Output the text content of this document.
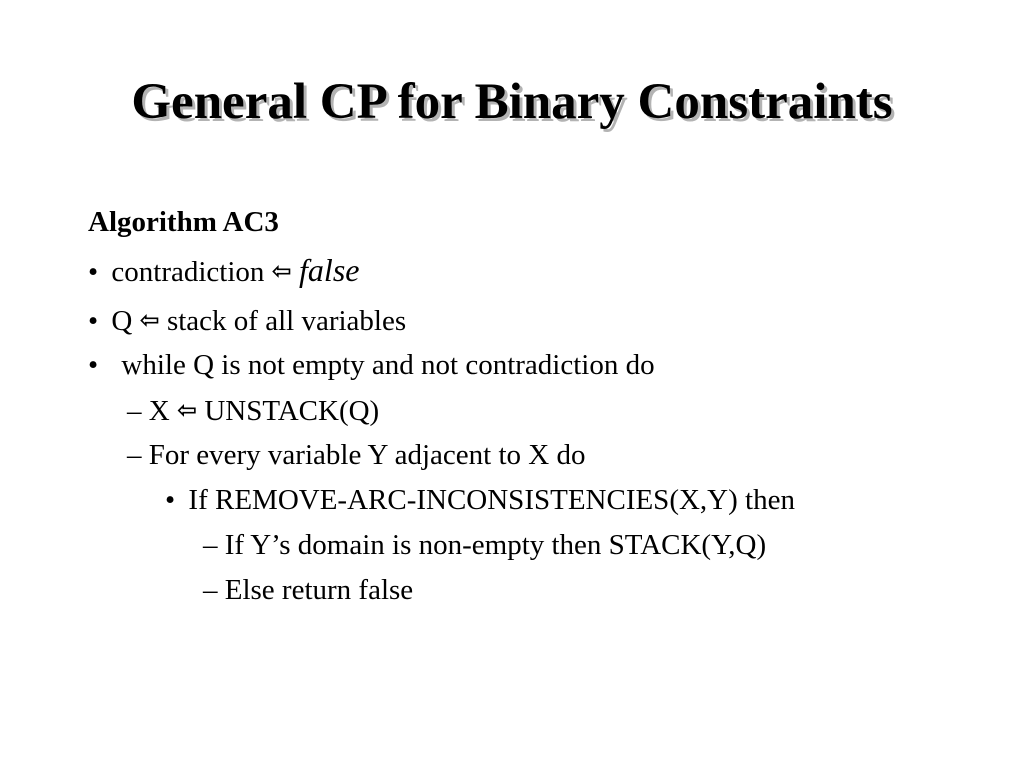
General CP for Binary Constraints
Algorithm AC3
• contradiction ⇦ false
• Q ⇦ stack of all variables
• while Q is not empty and not contradiction do
– X ⇦ UNSTACK(Q)
– For every variable Y adjacent to X do
• If REMOVE-ARC-INCONSISTENCIES(X,Y) then
– If Y’s domain is non-empty then STACK(Y,Q)
– Else return false
